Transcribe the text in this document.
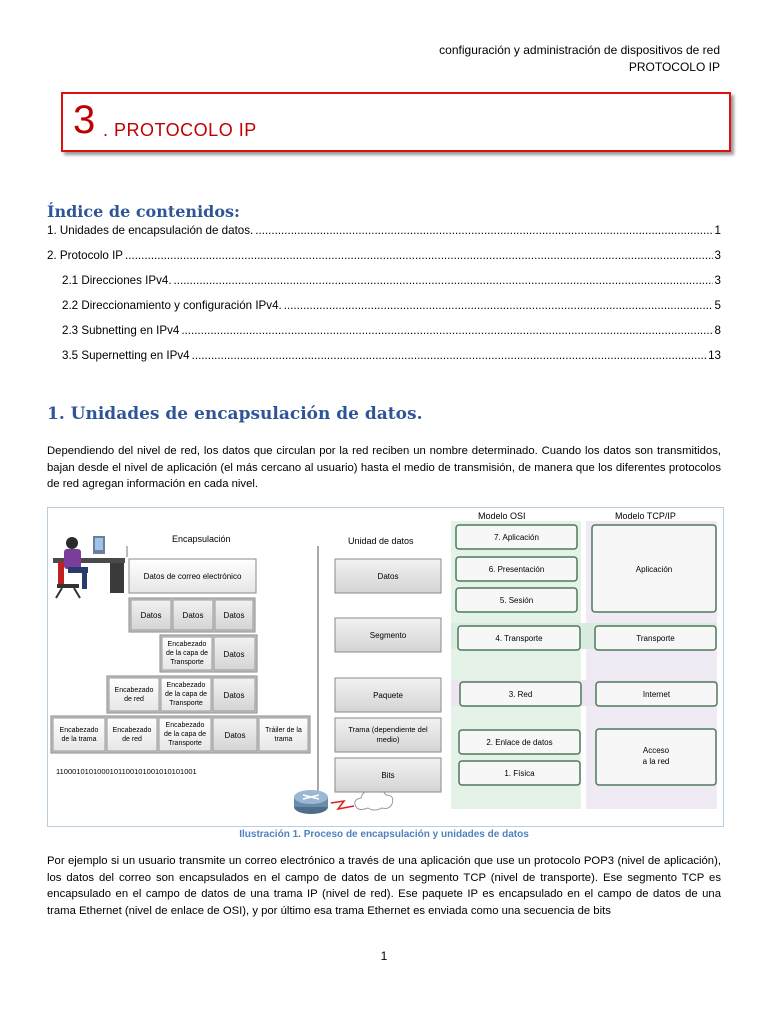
configuración y administración de dispositivos de red
PROTOCOLO IP
3 . PROTOCOLO IP
Índice de contenidos:
1. Unidades de encapsulación de datos. .....	1
2. Protocolo IP .....	3
2.1 Direcciones IPv4. .....	3
2.2 Direccionamiento y configuración IPv4. .....	5
2.3 Subnetting en IPv4 .....	8
3.5 Supernetting en IPv4 .....	13
1. Unidades de encapsulación de datos.
Dependiendo del nivel de red, los datos que circulan por la red reciben un nombre determinado. Cuando los datos son transmitidos, bajan desde el nivel de aplicación (el más cercano al usuario) hasta el medio de transmisión, de manera que los diferentes protocolos de red agregan información en cada nivel.
Encapsulación	Unidad de datos
Modelo OSI	Modelo TCP/IP
Datos de correo electrónico
Datos	Datos	Datos
Encabezado
de la capa de
Transporte
Datos
Encabezado
de red
Encabezado
de la capa de
Transporte
Datos
Encabezado
de la trama
Encabezado
de red
Encabezado
de la capa de
Transporte
Datos
Tráiler de la
trama
1100010101000101100101001010101001
Datos
Segmento
Paquete
Trama (dependiente del
medio)
Bits
7. Aplicación
6. Presentación
5. Sesión
4. Transporte
3. Red
2. Enlace de datos
1. Física
Aplicación
Transporte
Internet
Acceso
a la red
Ilustración 1. Proceso de encapsulación y unidades de datos
Por ejemplo si un usuario transmite un correo electrónico a través de una aplicación que use un protocolo POP3 (nivel de aplicación), los datos del correo son encapsulados en el campo de datos de un segmento TCP (nivel de transporte). Ese segmento TCP es encapsulado en el campo de datos de una trama IP (nivel de red). Ese paquete IP es encapsulado en el campo de datos de una trama Ethernet (nivel de enlace de OSI), y por último esa trama Ethernet es enviada como una secuencia de bits
1
